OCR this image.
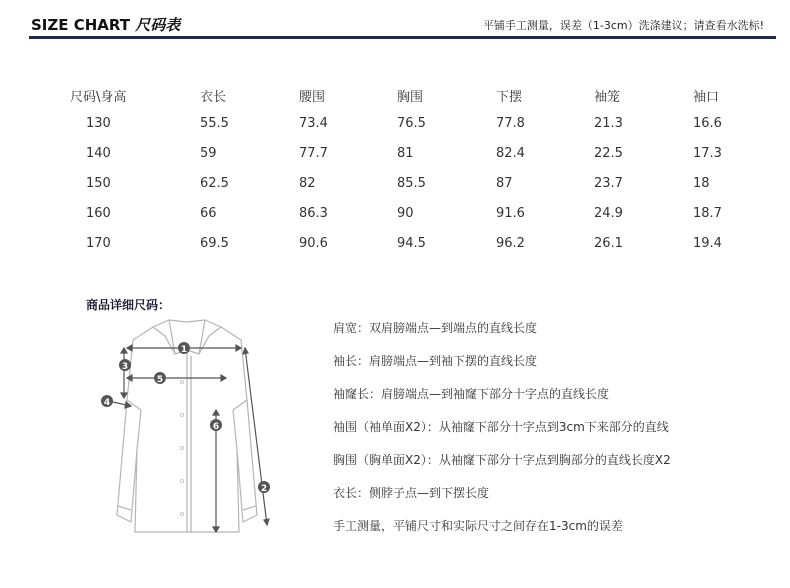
SIZE CHART 尺码表	平铺手工测量，误差（1-3cm）洗涤建议；请查看水洗标!
尺码\身高	衣长	腰围	胸围	下摆	袖笼	袖口
130	55.5	73.4	76.5	77.8	21.3	16.6
140	59	77.7	81	82.4	22.5	17.3
150	62.5	82	85.5	87	23.7	18
160	66	86.3	90	91.6	24.9	18.7
170	69.5	90.6	94.5	96.2	26.1	19.4
商品详细尺码：
1
2
3
4
5
6
肩宽：双肩膀端点—到端点的直线长度
袖长：肩膀端点—到袖下摆的直线长度
袖窿长：肩膀端点—到袖窿下部分十字点的直线长度
袖围（袖单面X2）：从袖窿下部分十字点到3cm下来部分的直线
胸围（胸单面X2）：从袖窿下部分十字点到胸部分的直线长度X2
衣长：侧脖子点—到下摆长度
手工测量，平铺尺寸和实际尺寸之间存在1-3cm的误差
